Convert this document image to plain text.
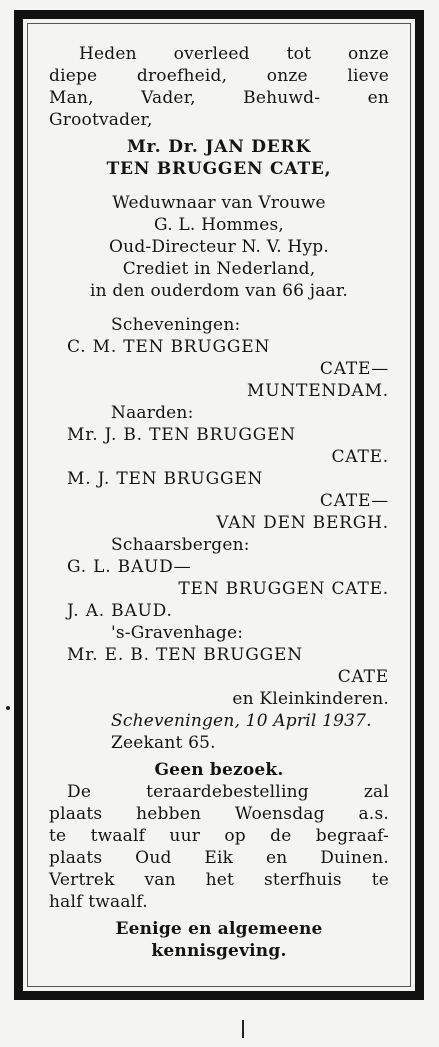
Heden overleed tot onze
diepe droefheid, onze lieve
Man, Vader, Behuwd- en
Grootvader,
Mr. Dr. JAN DERK
TEN BRUGGEN CATE,
Weduwnaar van Vrouwe
G. L. Hommes,
Oud-Directeur N. V. Hyp.
Crediet in Nederland,
in den ouderdom van 66 jaar.
Scheveningen:
C. M. TEN BRUGGEN
CATE—
MUNTENDAM.
Naarden:
Mr. J. B. TEN BRUGGEN
CATE.
M. J. TEN BRUGGEN
CATE—
VAN DEN BERGH.
Schaarsbergen:
G. L. BAUD—
TEN BRUGGEN CATE.
J. A. BAUD.
's-Gravenhage:
Mr. E. B. TEN BRUGGEN
CATE
en Kleinkinderen.
Scheveningen, 10 April 1937.
Zeekant 65.
Geen bezoek.
De teraardebestelling zal
plaats hebben Woensdag a.s.
te twaalf uur op de begraaf-
plaats Oud Eik en Duinen.
Vertrek van het sterfhuis te
half twaalf.
Eenige en algemeene
kennisgeving.
